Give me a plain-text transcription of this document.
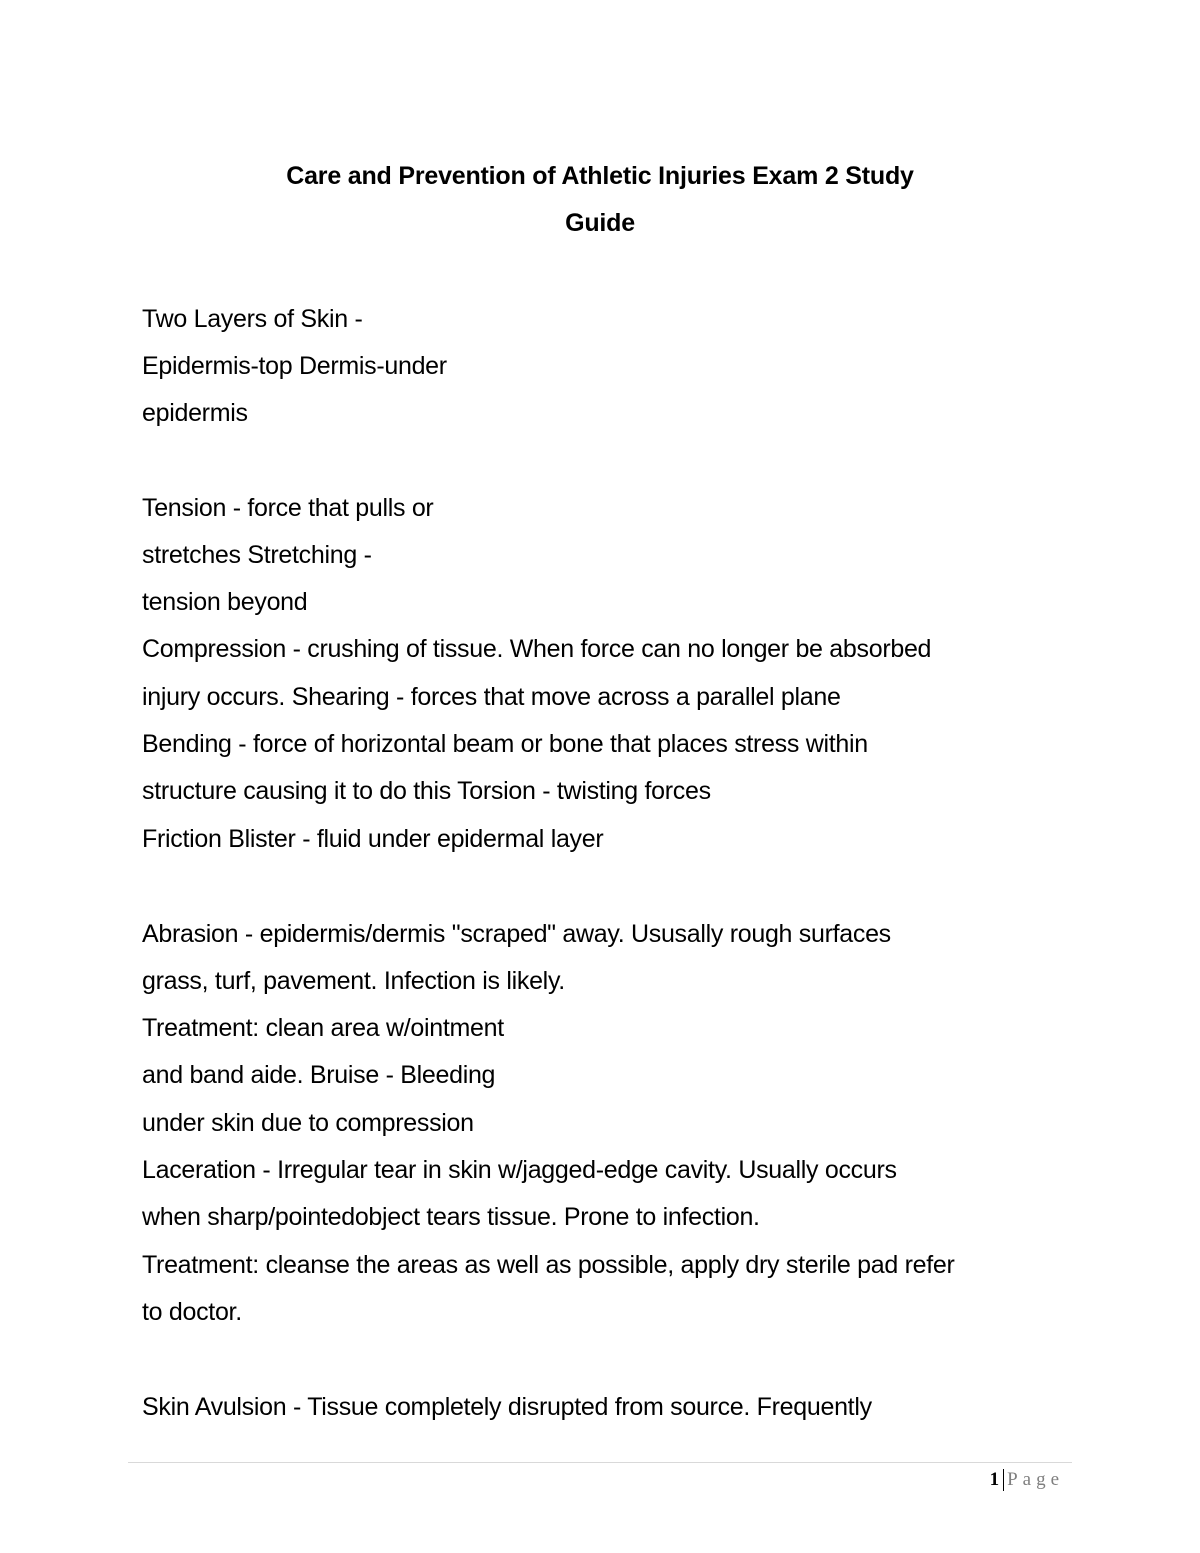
Care and Prevention of Athletic Injuries Exam 2 Study
Guide
Two Layers of Skin -
Epidermis-top Dermis-under
epidermis
Tension - force that pulls or
stretches Stretching -
tension beyond
Compression - crushing of tissue. When force can no longer be absorbed
injury occurs. Shearing - forces that move across a parallel plane
Bending - force of horizontal beam or bone that places stress within
structure causing it to do this Torsion - twisting forces
Friction Blister - fluid under epidermal layer
Abrasion - epidermis/dermis "scraped" away. Ususally rough surfaces
grass, turf, pavement. Infection is likely.
Treatment: clean area w/ointment
and band aide. Bruise - Bleeding
under skin due to compression
Laceration - Irregular tear in skin w/jagged-edge cavity. Usually occurs
when sharp/pointedobject tears tissue. Prone to infection.
Treatment: cleanse the areas as well as possible, apply dry sterile pad refer
to doctor.
Skin Avulsion - Tissue completely disrupted from source. Frequently
1 Page
